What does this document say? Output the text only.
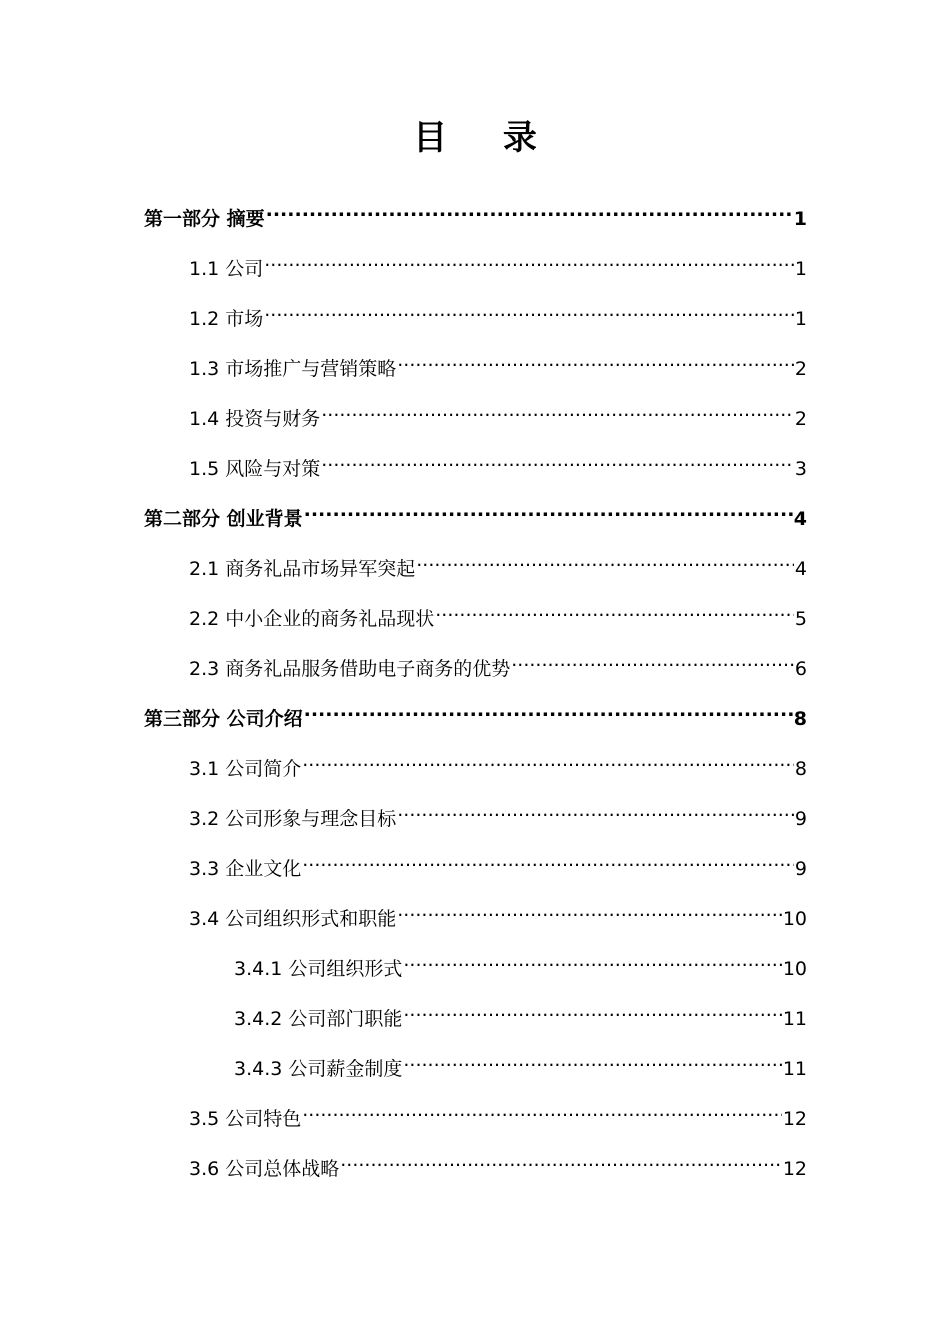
目 录
第一部分 摘要 .....	1
1.1 公司 .....	1
1.2 市场 .....	1
1.3 市场推广与营销策略 .....	2
1.4 投资与财务 .....	2
1.5 风险与对策 .....	3
第二部分 创业背景 .....	4
2.1 商务礼品市场异军突起 .....	4
2.2 中小企业的商务礼品现状 .....	5
2.3 商务礼品服务借助电子商务的优势 .....	6
第三部分 公司介绍 .....	8
3.1 公司简介 .....	8
3.2 公司形象与理念目标 .....	9
3.3 企业文化 .....	9
3.4 公司组织形式和职能 .....	10
3.4.1 公司组织形式 .....	10
3.4.2 公司部门职能 .....	11
3.4.3 公司薪金制度 .....	11
3.5 公司特色 .....	12
3.6 公司总体战略 .....	12
